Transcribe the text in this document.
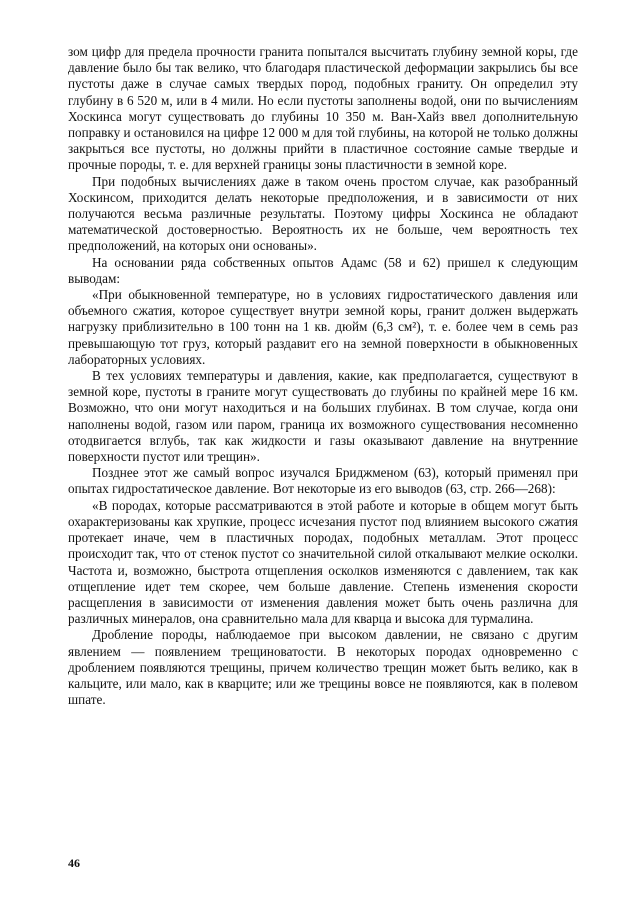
зом цифр для предела прочности гранита попытался высчитать глубину земной коры, где давление было бы так велико, что благодаря пластической деформации закрылись бы все пустоты даже в случае самых твердых пород, подобных граниту. Он определил эту глубину в 6 520 м, или в 4 мили. Но если пустоты заполнены водой, они по вычислениям Хоскинса могут существовать до глубины 10 350 м. Ван-Хайз ввел дополнительную поправку и остановился на цифре 12 000 м для той глубины, на которой не только должны закрыться все пустоты, но должны прийти в пластичное состояние самые твердые и прочные породы, т. е. для верхней границы зоны пластичности в земной коре.

При подобных вычислениях даже в таком очень простом случае, как разобранный Хоскинсом, приходится делать некоторые предположения, и в зависимости от них получаются весьма различные результаты. Поэтому цифры Хоскинса не обладают математической достоверностью. Вероятность их не больше, чем вероятность тех предположений, на которых они основаны».

На основании ряда собственных опытов Адамс (58 и 62) пришел к следующим выводам:

«При обыкновенной температуре, но в условиях гидростатического давления или объемного сжатия, которое существует внутри земной коры, гранит должен выдержать нагрузку приблизительно в 100 тонн на 1 кв. дюйм (6,3 см²), т. е. более чем в семь раз превышающую тот груз, который раздавит его на земной поверхности в обыкновенных лабораторных условиях.

В тех условиях температуры и давления, какие, как предполагается, существуют в земной коре, пустоты в граните могут существовать до глубины по крайней мере 16 км. Возможно, что они могут находиться и на больших глубинах. В том случае, когда они наполнены водой, газом или паром, граница их возможного существования несомненно отодвигается вглубь, так как жидкости и газы оказывают давление на внутренние поверхности пустот или трещин».

Позднее этот же самый вопрос изучался Бриджменом (63), который применял при опытах гидростатическое давление. Вот некоторые из его выводов (63, стр. 266—268):

«В породах, которые рассматриваются в этой работе и которые в общем могут быть охарактеризованы как хрупкие, процесс исчезания пустот под влиянием высокого сжатия протекает иначе, чем в пластичных породах, подобных металлам. Этот процесс происходит так, что от стенок пустот со значительной силой откалывают мелкие осколки. Частота и, возможно, быстрота отщепления осколков изменяются с давлением, так как отщепление идет тем скорее, чем больше давление. Степень изменения скорости расщепления в зависимости от изменения давления может быть очень различна для различных минералов, она сравнительно мала для кварца и высока для турмалина.

Дробление породы, наблюдаемое при высоком давлении, не связано с другим явлением — появлением трещиноватости. В некоторых породах одновременно с дроблением появляются трещины, причем количество трещин может быть велико, как в кальците, или мало, как в кварците; или же трещины вовсе не появляются, как в полевом шпате.

46
